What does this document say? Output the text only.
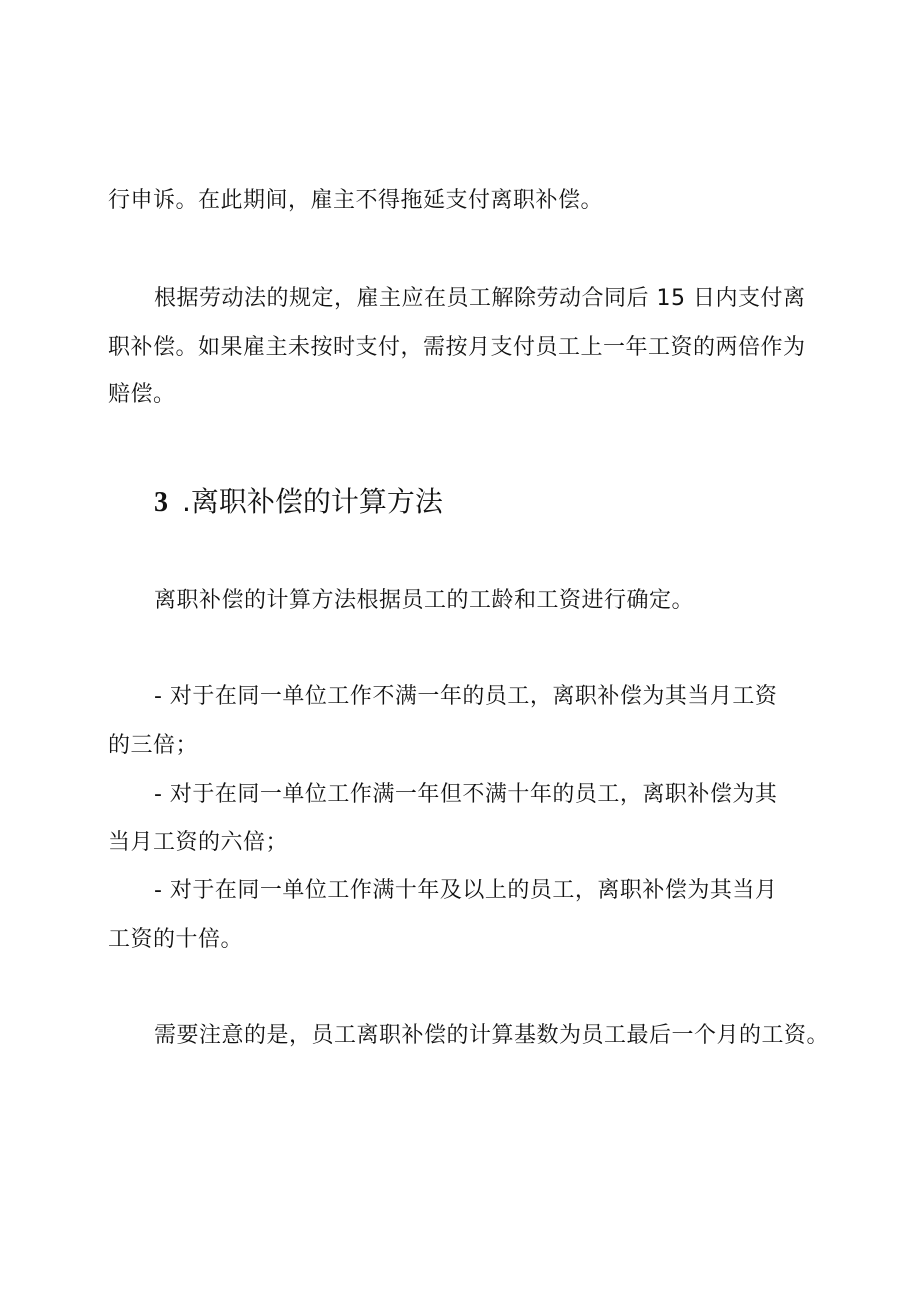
行申诉。在此期间，雇主不得拖延支付离职补偿。
根据劳动法的规定，雇主应在员工解除劳动合同后 15 日内支付离
职补偿。如果雇主未按时支付，需按月支付员工上一年工资的两倍作为
赔偿。
3 .离职补偿的计算方法
离职补偿的计算方法根据员工的工龄和工资进行确定。
- 对于在同一单位工作不满一年的员工，离职补偿为其当月工资
的三倍；
- 对于在同一单位工作满一年但不满十年的员工，离职补偿为其
当月工资的六倍；
- 对于在同一单位工作满十年及以上的员工，离职补偿为其当月
工资的十倍。
需要注意的是，员工离职补偿的计算基数为员工最后一个月的工资。
